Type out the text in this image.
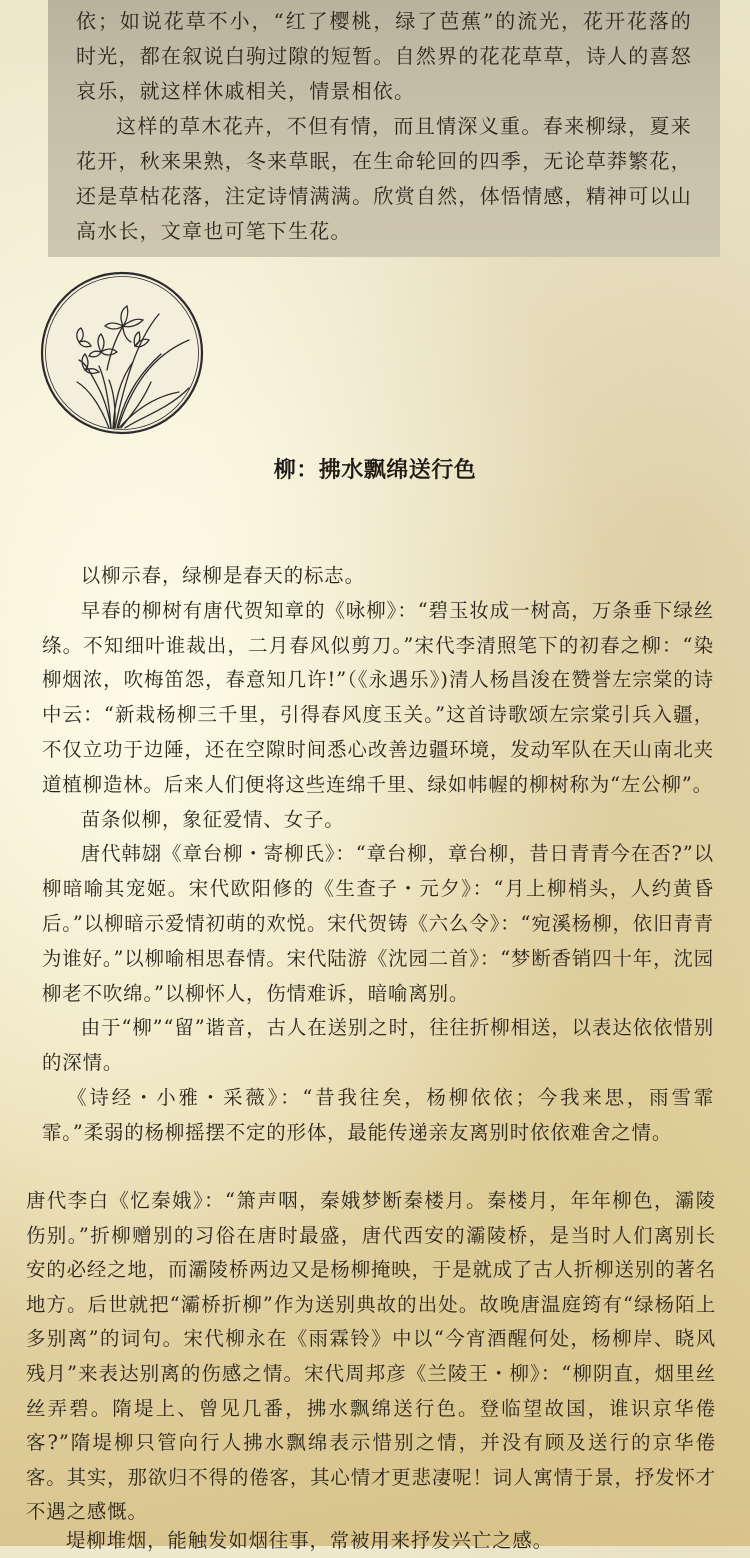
依；如说花草不小，“红了樱桃，绿了芭蕉”的流光，花开花落的时光，都在叙说白驹过隙的短暂。自然界的花花草草，诗人的喜怒哀乐，就这样休戚相关，情景相依。

这样的草木花卉，不但有情，而且情深义重。春来柳绿，夏来花开，秋来果熟，冬来草眠，在生命轮回的四季，无论草莽繁花，还是草枯花落，注定诗情满满。欣赏自然，体悟情感，精神可以山高水长，文章也可笔下生花。

柳：拂水飘绵送行色

以柳示春，绿柳是春天的标志。

早春的柳树有唐代贺知章的《咏柳》：“碧玉妆成一树高，万条垂下绿丝绦。不知细叶谁裁出，二月春风似剪刀。”宋代李清照笔下的初春之柳：“染柳烟浓，吹梅笛怨，春意知几许!”（《永遇乐》)清人杨昌浚在赞誉左宗棠的诗中云：“新栽杨柳三千里，引得春风度玉关。”这首诗歌颂左宗棠引兵入疆，不仅立功于边陲，还在空隙时间悉心改善边疆环境，发动军队在天山南北夹道植柳造林。后来人们便将这些连绵千里、绿如帏幄的柳树称为“左公柳”。

苗条似柳，象征爱情、女子。

唐代韩翃《章台柳・寄柳氏》：“章台柳，章台柳，昔日青青今在否?”以柳暗喻其宠姬。宋代欧阳修的《生查子・元夕》：“月上柳梢头，人约黄昏后。”以柳暗示爱情初萌的欢悦。宋代贺铸《六么令》：“宛溪杨柳，依旧青青为谁好。”以柳喻相思春情。宋代陆游《沈园二首》：“梦断香销四十年，沈园柳老不吹绵。”以柳怀人，伤情难诉，暗喻离别。

由于“柳”“留”谐音，古人在送别之时，往往折柳相送，以表达依依惜别的深情。

《诗经・小雅・采薇》：“昔我往矣，杨柳依依；今我来思，雨雪霏霏。”柔弱的杨柳摇摆不定的形体，最能传递亲友离别时依依难舍之情。

唐代李白《忆秦娥》：“箫声咽，秦娥梦断秦楼月。秦楼月，年年柳色，灞陵伤别。”折柳赠别的习俗在唐时最盛，唐代西安的灞陵桥，是当时人们离别长安的必经之地，而灞陵桥两边又是杨柳掩映，于是就成了古人折柳送别的著名地方。后世就把“灞桥折柳”作为送别典故的出处。故晚唐温庭筠有“绿杨陌上多别离”的词句。宋代柳永在《雨霖铃》中以“今宵酒醒何处，杨柳岸、晓风残月”来表达别离的伤感之情。宋代周邦彦《兰陵王・柳》：“柳阴直，烟里丝丝弄碧。隋堤上、曾见几番，拂水飘绵送行色。登临望故国，谁识京华倦客?”隋堤柳只管向行人拂水飘绵表示惜别之情，并没有顾及送行的京华倦客。其实，那欲归不得的倦客，其心情才更悲凄呢！词人寓情于景，抒发怀才不遇之感慨。

堤柳堆烟，能触发如烟往事，常被用来抒发兴亡之感。
